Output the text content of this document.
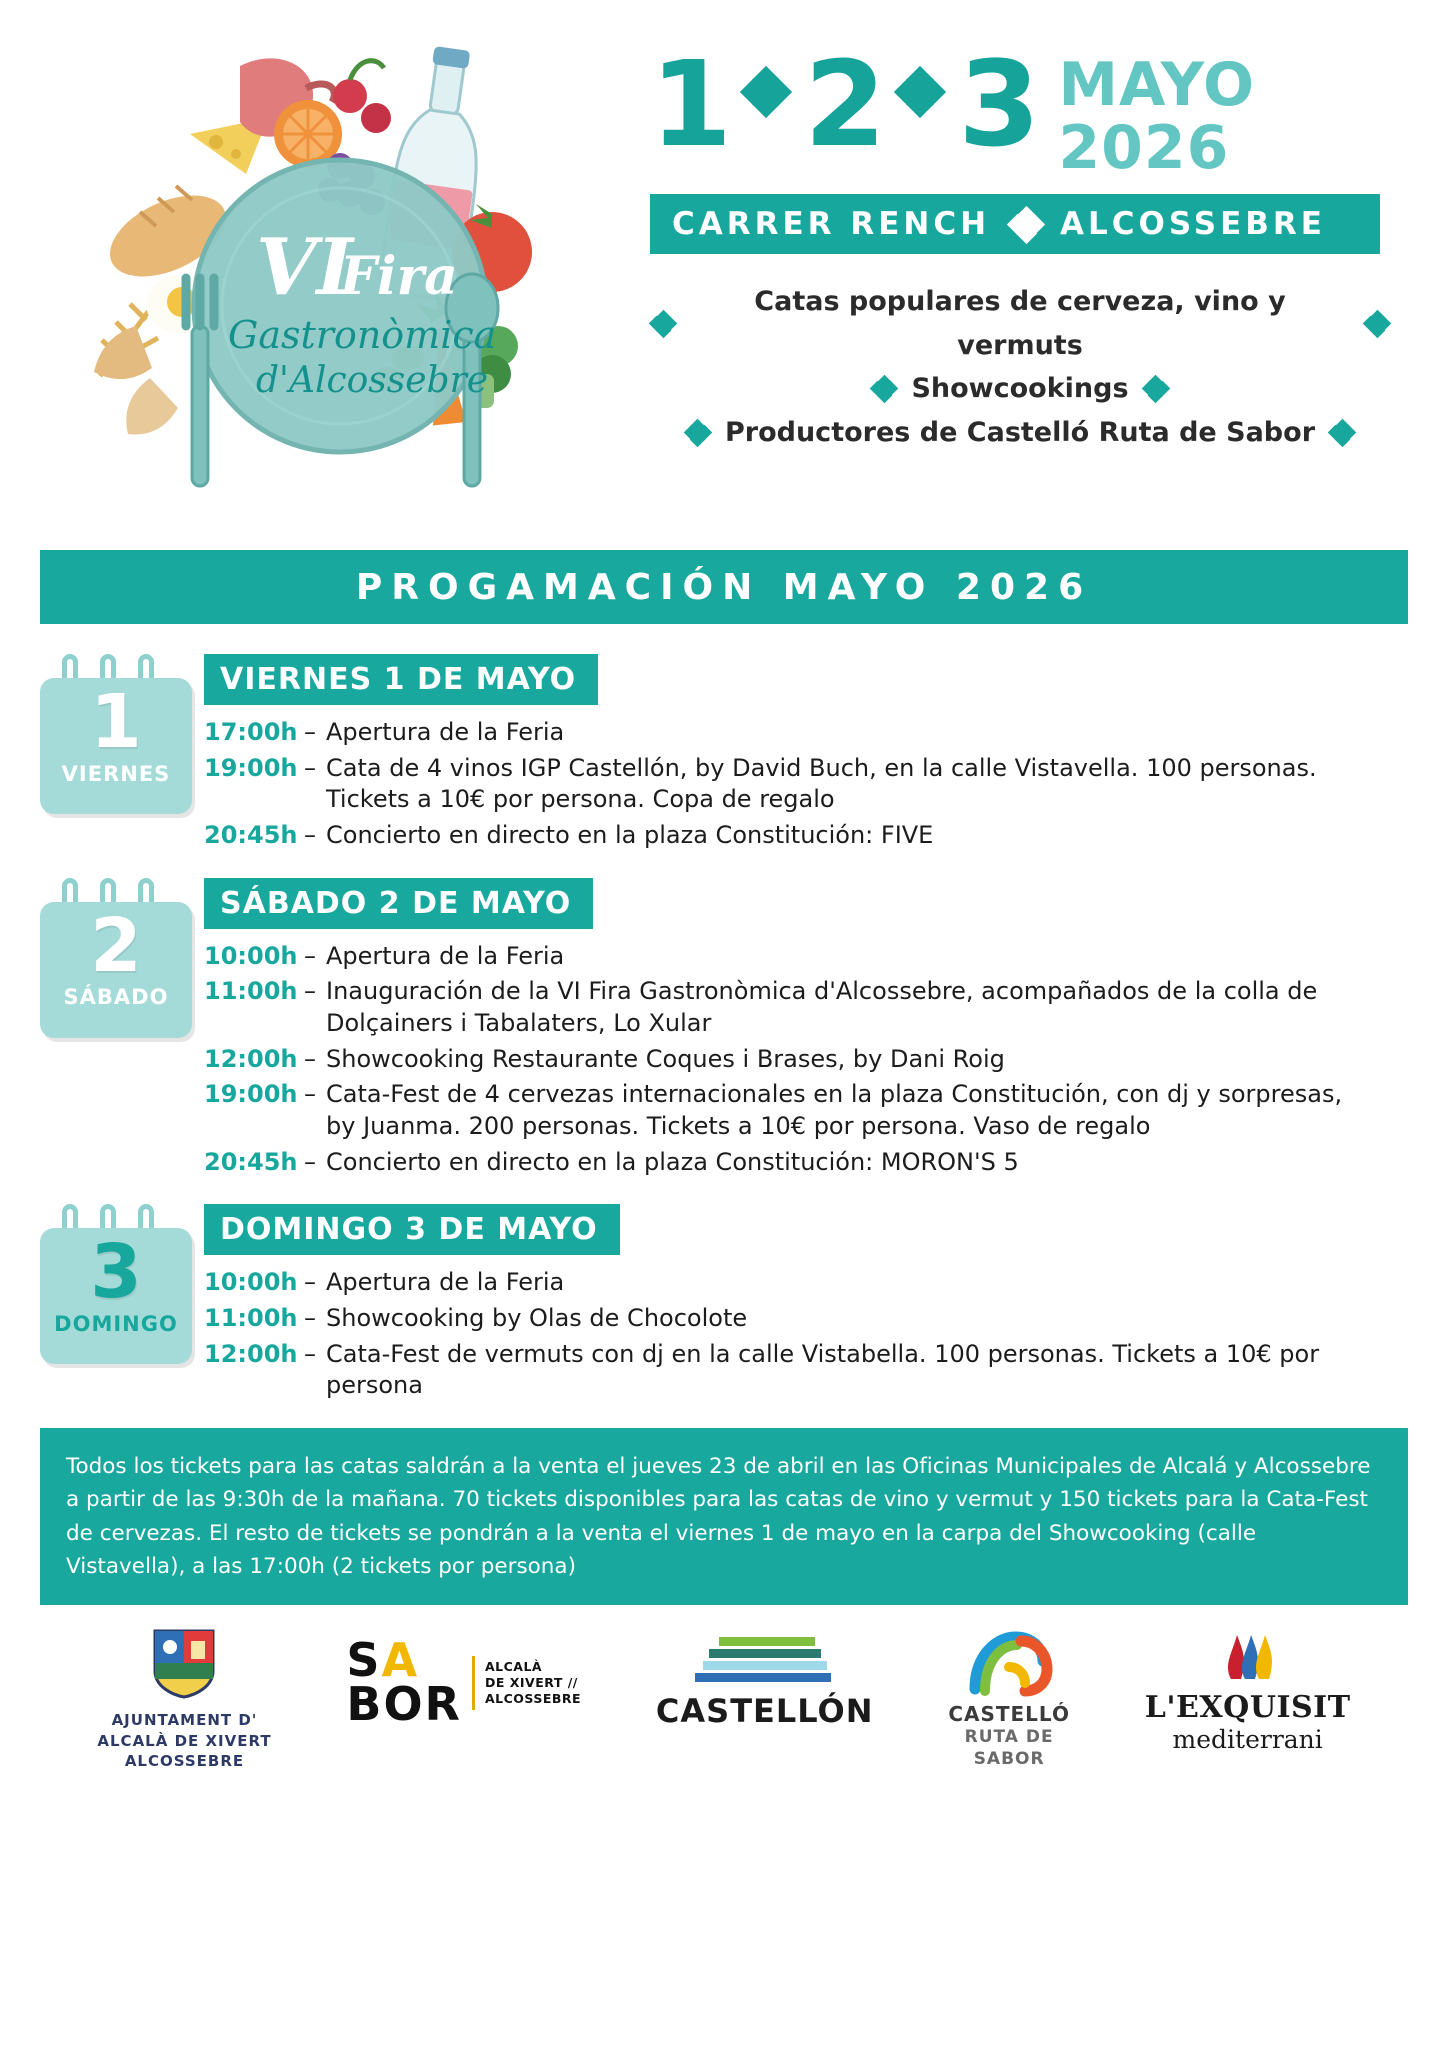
VI
Fira
Gastronòmica
d'Alcossebre
1 2 3 MAYO
2026
CARRER RENCH ALCOSSEBRE
Catas populares de cerveza, vino y vermuts
Showcookings
Productores de Castelló Ruta de Sabor
PROGAMACIÓN MAYO 2026
1
VIERNES
VIERNES 1 DE MAYO
17:00h – Apertura de la Feria
19:00h – Cata de 4 vinos IGP Castellón, by David Buch, en la calle Vistavella. 100 personas. Tickets a 10€ por persona. Copa de regalo
20:45h – Concierto en directo en la plaza Constitución: FIVE
2
SÁBADO
SÁBADO 2 DE MAYO
10:00h – Apertura de la Feria
11:00h – Inauguración de la VI Fira Gastronòmica d'Alcossebre, acompañados de la colla de Dolçainers i Tabalaters, Lo Xular
12:00h – Showcooking Restaurante Coques i Brases, by Dani Roig
19:00h – Cata-Fest de 4 cervezas internacionales en la plaza Constitución, con dj y sorpresas, by Juanma. 200 personas. Tickets a 10€ por persona. Vaso de regalo
20:45h – Concierto en directo en la plaza Constitución: MORON'S 5
3
DOMINGO
DOMINGO 3 DE MAYO
10:00h – Apertura de la Feria
11:00h – Showcooking by Olas de Chocolote
12:00h – Cata-Fest de vermuts con dj en la calle Vistabella. 100 personas. Tickets a 10€ por persona
Todos los tickets para las catas saldrán a la venta el jueves 23 de abril en las Oficinas Municipales de Alcalá y Alcossebre a partir de las 9:30h de la mañana. 70 tickets disponibles para las catas de vino y vermut y 150 tickets para la Cata-Fest de cervezas. El resto de tickets se pondrán a la venta el viernes 1 de mayo en la carpa del Showcooking (calle Vistavella), a las 17:00h (2 tickets por persona)
AJUNTAMENT D'
ALCALÀ DE XIVERT
ALCOSSEBRE
SA
BOR
ALCALÀ
DE XIVERT //
ALCOSSEBRE CASTELLÓN	CASTELLÓ
RUTA DE
SABOR
L'EXQUISIT
mediterrani
